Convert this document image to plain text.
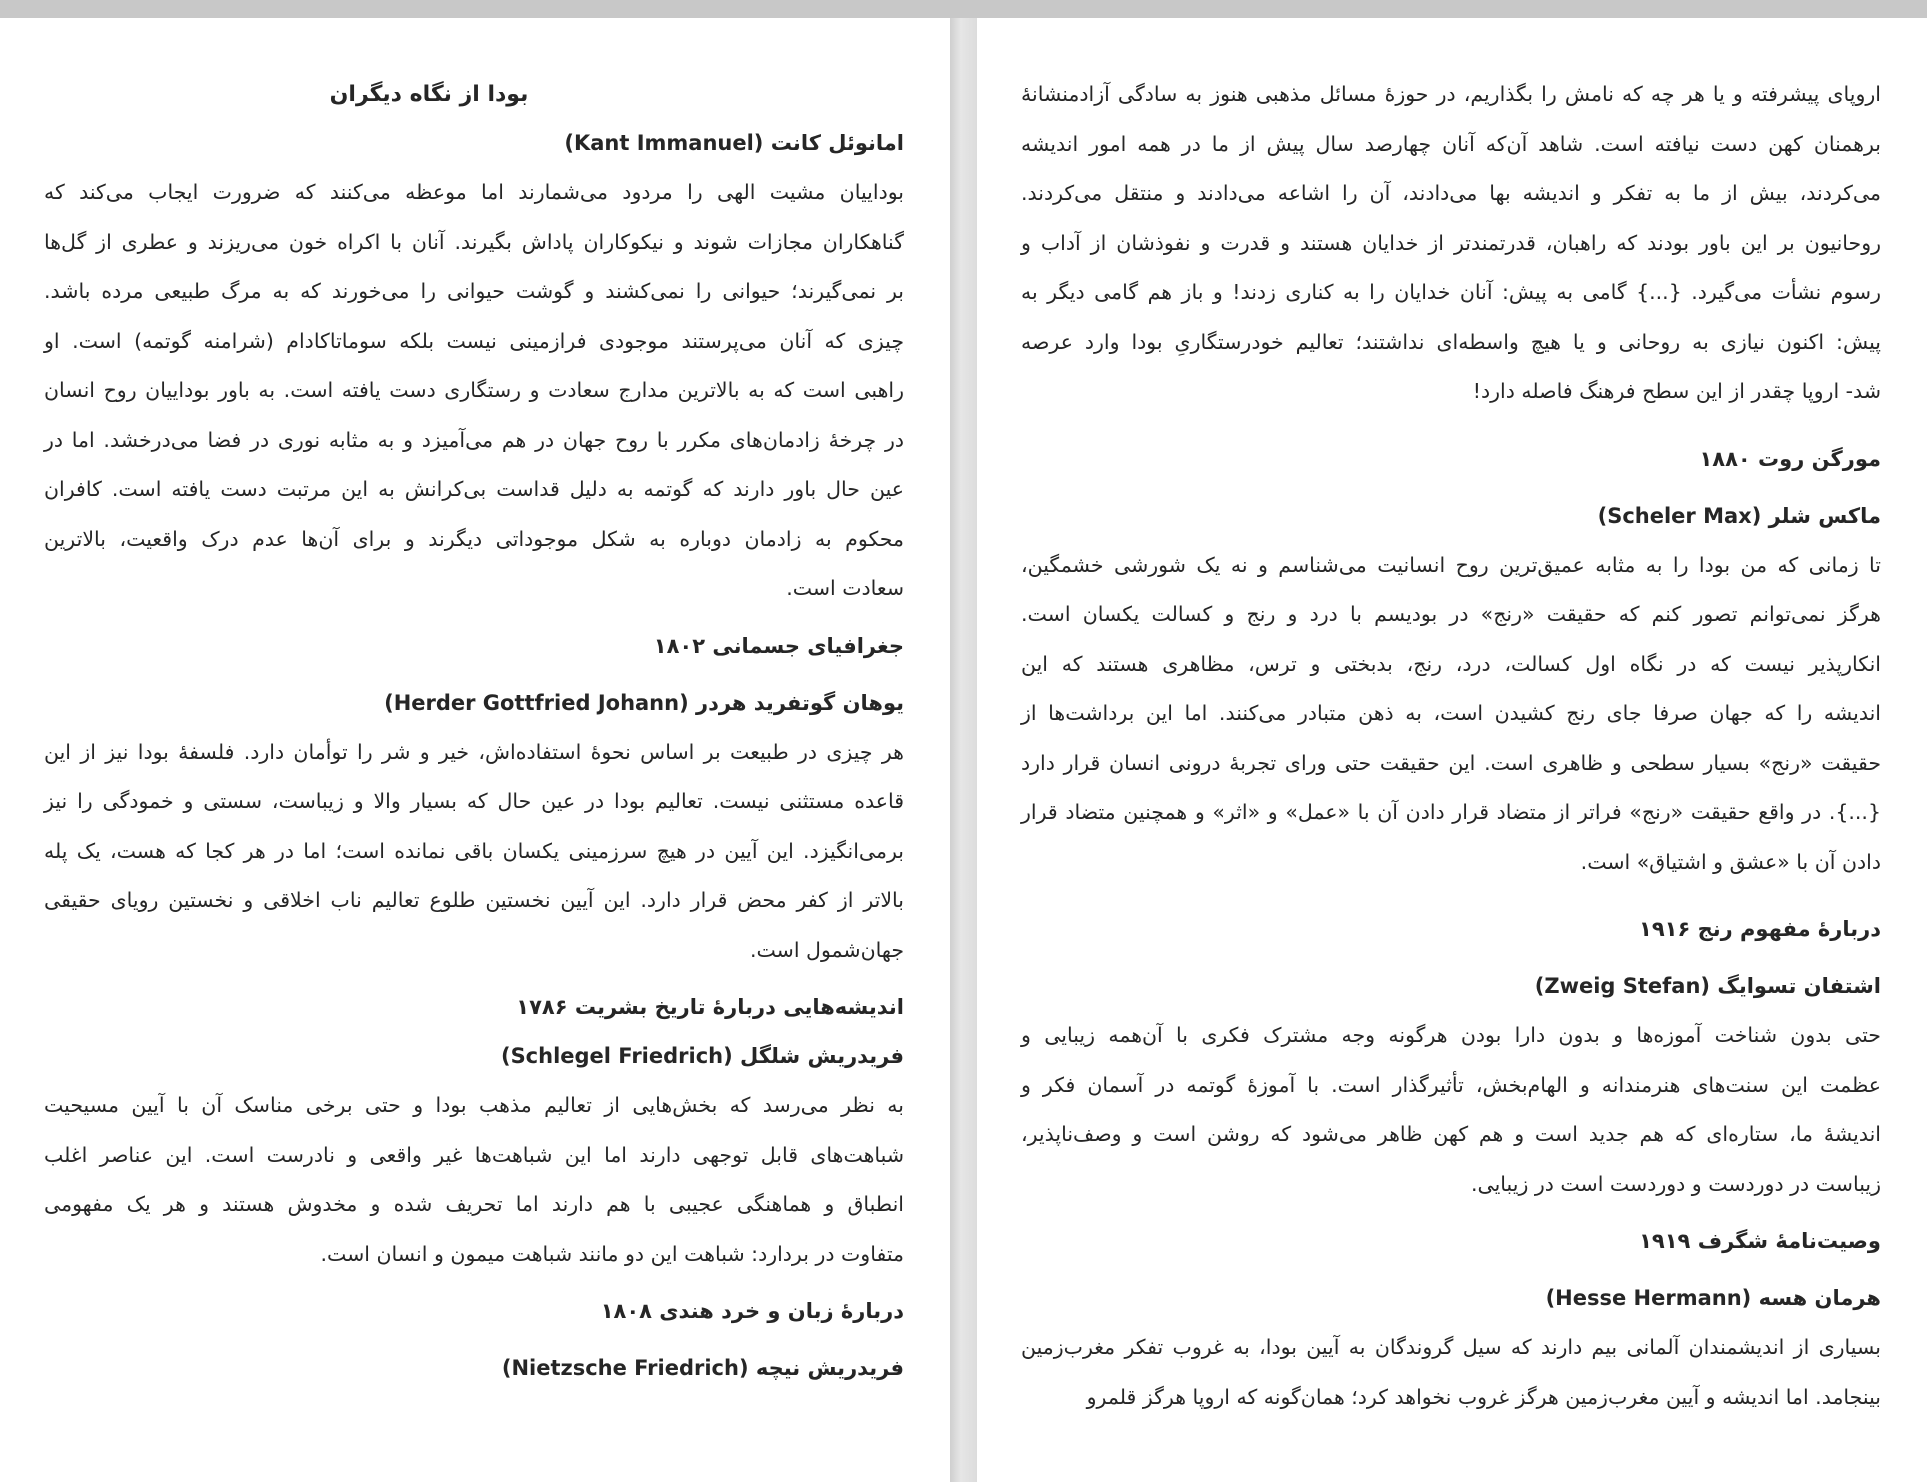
بودا از نگاه دیگران
امانوئل کانت (Kant Immanuel)

بوداییان مشیت الهی را مردود می‌شمارند اما موعظه می‌کنند که ضرورت ایجاب می‌کند که
گناهکاران مجازات شوند و نیکوکاران پاداش بگیرند. آنان با اکراه خون می‌ریزند و عطری از گل‌ها
بر نمی‌گیرند؛ حیوانی را نمی‌کشند و گوشت حیوانی را می‌خورند که به مرگ طبیعی مرده باشد.
چیزی که آنان می‌پرستند موجودی فرازمینی نیست بلکه سوماتاکادام (شرامنه گوتمه) است. او
راهبی است که به بالاترین مدارج سعادت و رستگاری دست یافته است. به باور بوداییان روح انسان
در چرخهٔ زادمان‌های مکرر با روح جهان در هم می‌آمیزد و به مثابه نوری در فضا می‌درخشد. اما در
عین حال باور دارند که گوتمه به دلیل قداست بی‌کرانش به این مرتبت دست یافته است. کافران
محکوم به زادمان دوباره به شکل موجوداتی دیگرند و برای آن‌ها عدم درک واقعیت، بالاترین
سعادت است.

جغرافیای جسمانی ۱۸۰۲
یوهان گوتفرید هردر (Herder Gottfried Johann)

هر چیزی در طبیعت بر اساس نحوهٔ استفاده‌اش، خیر و شر را توأمان دارد. فلسفهٔ بودا نیز از این
قاعده مستثنی نیست. تعالیم بودا در عین حال که بسیار والا و زیباست، سستی و خمودگی را نیز
برمی‌انگیزد. این آیین در هیچ سرزمینی یکسان باقی نمانده است؛ اما در هر کجا که هست، یک پله
بالاتر از کفر محض قرار دارد. این آیین نخستین طلوع تعالیم ناب اخلاقی و نخستین رویای حقیقی
جهان‌شمول است.

اندیشه‌هایی دربارهٔ تاریخ بشریت ۱۷۸۶
فریدریش شلگل (Schlegel Friedrich)

به نظر می‌رسد که بخش‌هایی از تعالیم مذهب بودا و حتی برخی مناسک آن با آیین مسیحیت
شباهت‌های قابل توجهی دارند اما این شباهت‌ها غیر واقعی و نادرست است. این عناصر اغلب
انطباق و هماهنگی عجیبی با هم دارند اما تحریف شده و مخدوش هستند و هر یک مفهومی
متفاوت در بردارد: شباهت این دو مانند شباهت میمون و انسان است.

دربارهٔ زبان و خرد هندی ۱۸۰۸
فریدریش نیچه (Nietzsche Friedrich)

اروپای پیشرفته و یا هر چه که نامش را بگذاریم، در حوزهٔ مسائل مذهبی هنوز به سادگی آزادمنشانهٔ
برهمنان کهن دست نیافته است. شاهد آن‌که آنان چهارصد سال پیش از ما در همه امور اندیشه
می‌کردند، بیش از ما به تفکر و اندیشه بها می‌دادند، آن را اشاعه می‌دادند و منتقل می‌کردند.
روحانیون بر این باور بودند که راهبان، قدرتمندتر از خدایان هستند و قدرت و نفوذشان از آداب و
رسوم نشأت می‌گیرد. {...} گامی به پیش: آنان خدایان را به کناری زدند! و باز هم گامی دیگر به
پیش: اکنون نیازی به روحانی و یا هیچ واسطه‌ای نداشتند؛ تعالیم خودرستگاریِ بودا وارد عرصه
شد- اروپا چقدر از این سطح فرهنگ فاصله دارد!

مورگن روت ۱۸۸۰
ماکس شلر (Scheler Max)

تا زمانی که من بودا را به مثابه عمیق‌ترین روح انسانیت می‌شناسم و نه یک شورشی خشمگین،
هرگز نمی‌توانم تصور کنم که حقیقت «رنج» در بودیسم با درد و رنج و کسالت یکسان است.
انکارپذیر نیست که در نگاه اول کسالت، درد، رنج، بدبختی و ترس، مظاهری هستند که این
اندیشه را که جهان صرفا جای رنج کشیدن است، به ذهن متبادر می‌کنند. اما این برداشت‌ها از
حقیقت «رنج» بسیار سطحی و ظاهری است. این حقیقت حتی ورای تجربهٔ درونی انسان قرار دارد
{...}. در واقع حقیقت «رنج» فراتر از متضاد قرار دادن آن با «عمل» و «اثر» و همچنین متضاد قرار
دادن آن با «عشق و اشتیاق» است.

دربارهٔ مفهوم رنج ۱۹۱۶
اشتفان تسوایگ (Zweig Stefan)

حتی بدون شناخت آموزه‌ها و بدون دارا بودن هرگونه وجه مشترک فکری با آن‌همه زیبایی و
عظمت این سنت‌های هنرمندانه و الهام‌بخش، تأثیرگذار است. با آموزهٔ گوتمه در آسمان فکر و
اندیشهٔ ما، ستاره‌ای که هم جدید است و هم کهن ظاهر می‌شود که روشن است و وصف‌ناپذیر،
زیباست در دوردست و دوردست است در زیبایی.

وصیت‌نامهٔ شگرف ۱۹۱۹
هرمان هسه (Hesse Hermann)

بسیاری از اندیشمندان آلمانی بیم دارند که سیل گروندگان به آیین بودا، به غروب تفکر مغرب‌زمین
بینجامد. اما اندیشه و آیین مغرب‌زمین هرگز غروب نخواهد کرد؛ همان‌گونه که اروپا هرگز قلمرو
